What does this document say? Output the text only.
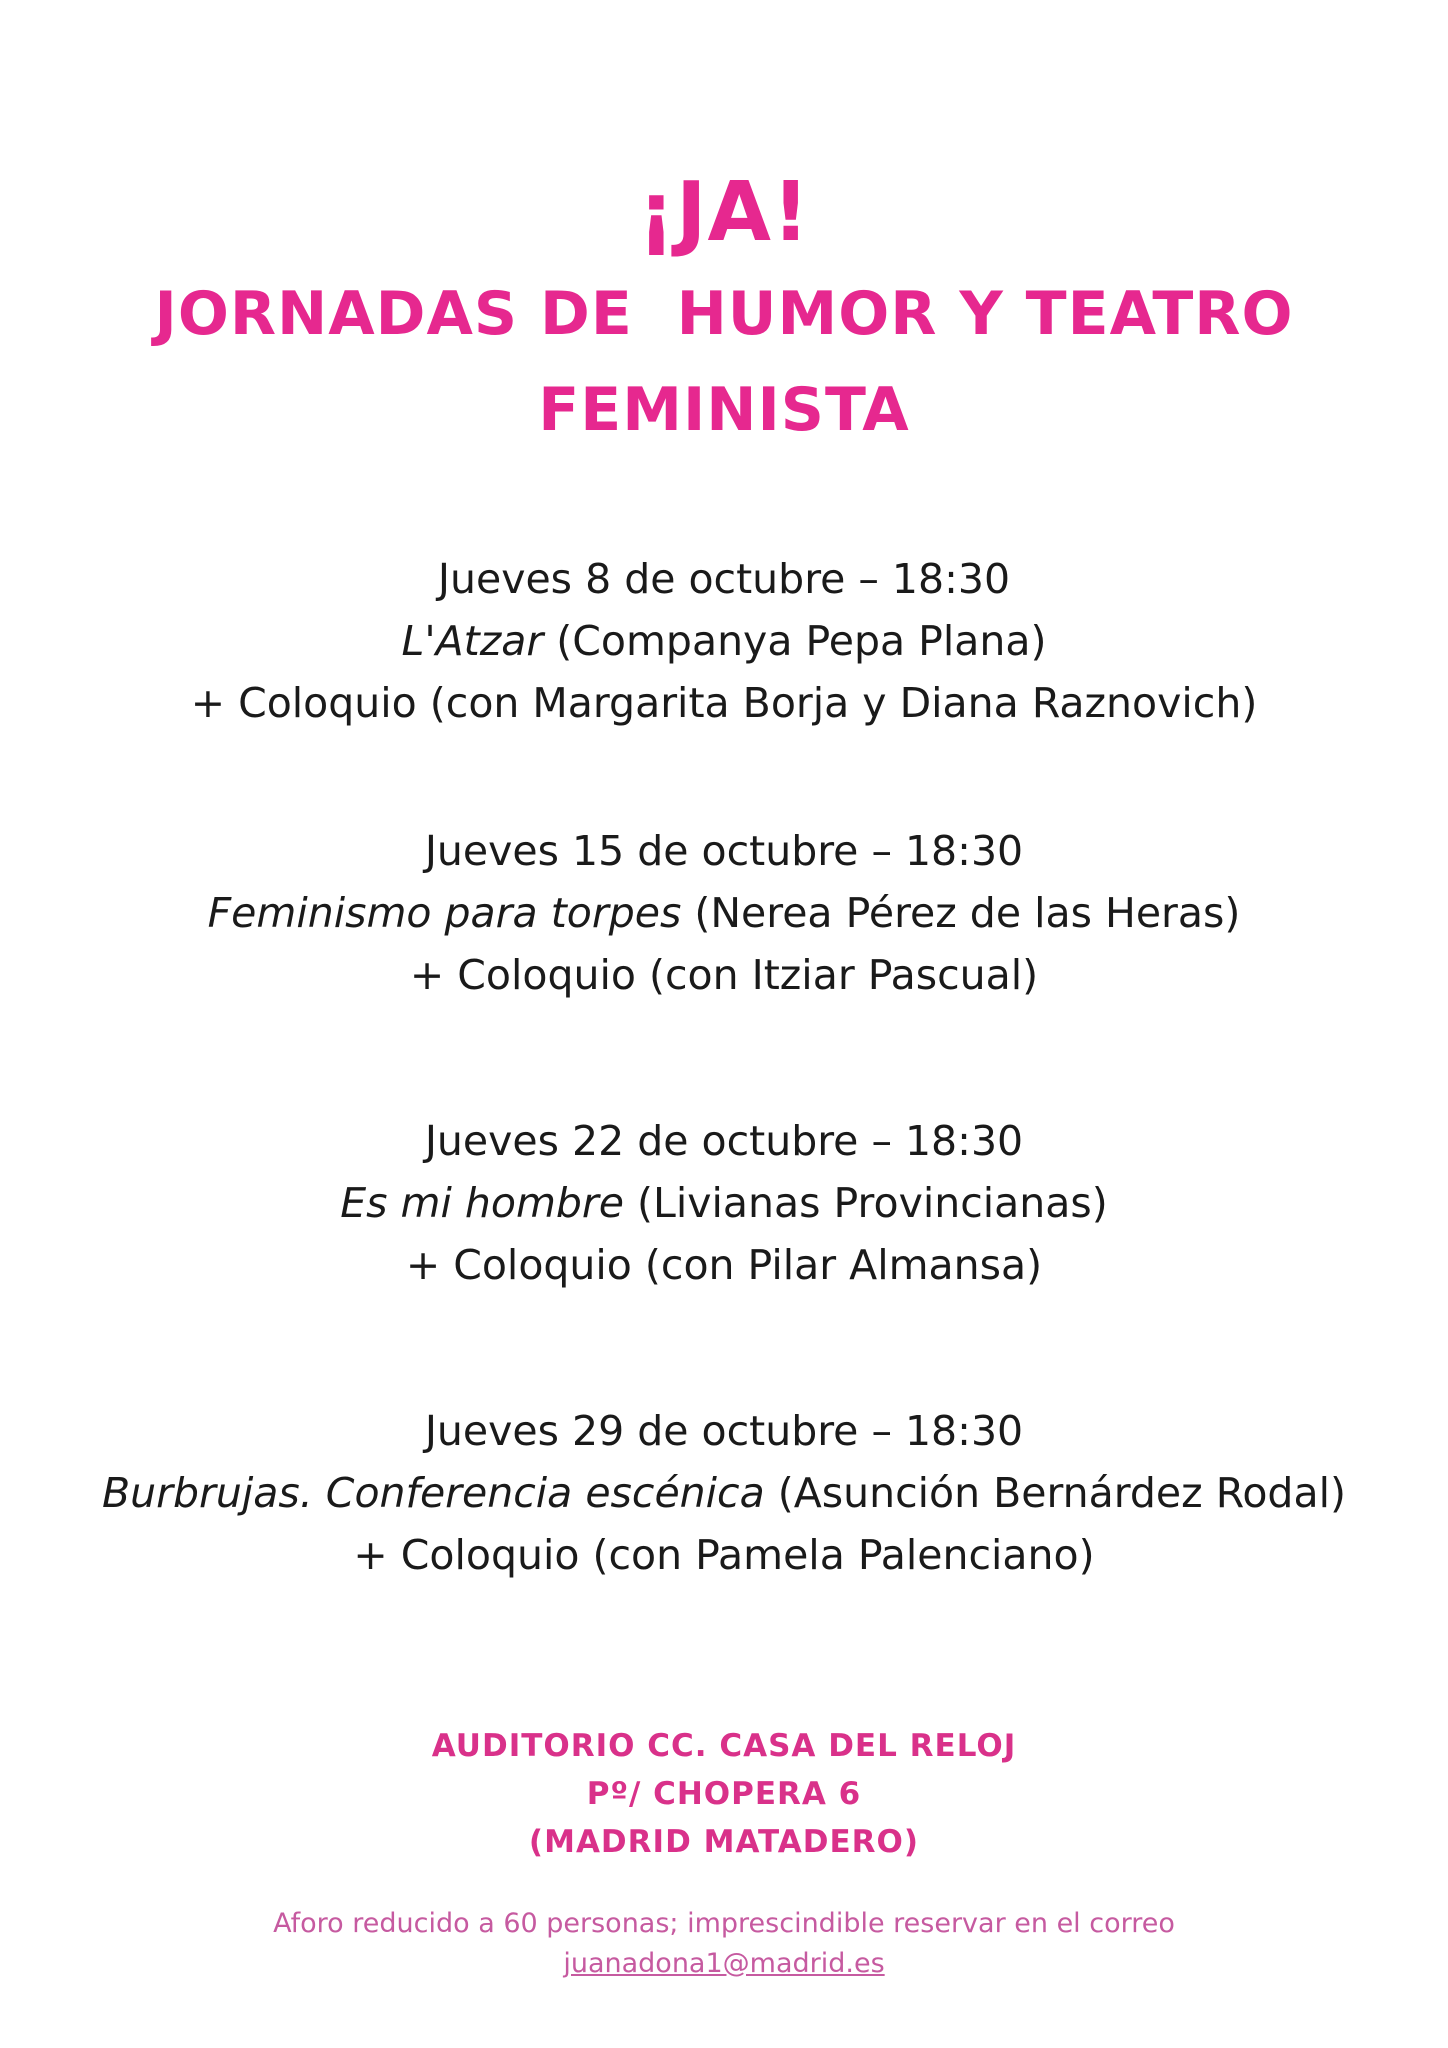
¡JA!
JORNADAS DE  HUMOR Y TEATRO
FEMINISTA
Jueves 8 de octubre – 18:30
L'Atzar (Companya Pepa Plana)
+ Coloquio (con Margarita Borja y Diana Raznovich)
Jueves 15 de octubre – 18:30
Feminismo para torpes (Nerea Pérez de las Heras)
+ Coloquio (con Itziar Pascual)
Jueves 22 de octubre – 18:30
Es mi hombre (Livianas Provincianas)
+ Coloquio (con Pilar Almansa)
Jueves 29 de octubre – 18:30
Burbrujas. Conferencia escénica (Asunción Bernárdez Rodal)
+ Coloquio (con Pamela Palenciano)
AUDITORIO CC. CASA DEL RELOJ
Pº/ CHOPERA 6
(MADRID MATADERO)
Aforo reducido a 60 personas; imprescindible reservar en el correo
juanadona1@madrid.es
